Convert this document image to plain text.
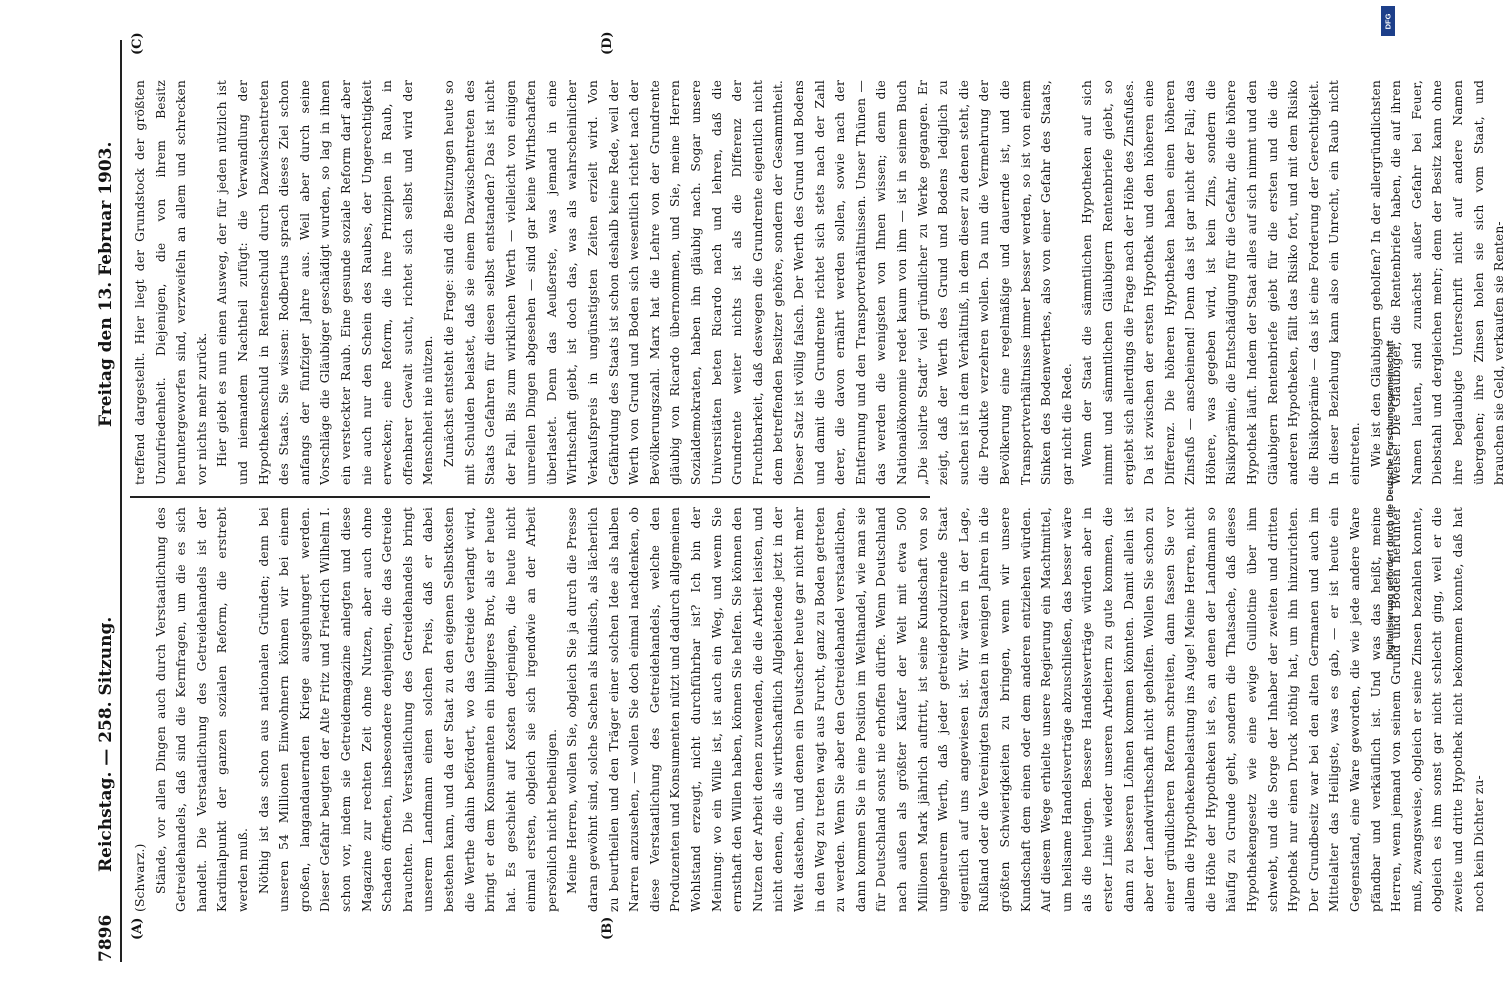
7896
Reichstag. — 258. Sitzung.
Freitag den 13. Februar 1903.
(A)	(B)
(C)	(D)

(Schwarz.) Stände, vor allen Dingen auch durch Verstaatlichung des Getreidehandels, daß sind die Kernfragen, um die es sich handelt. Die Verstaatlichung des Getreidehandels ist der Kardinalpunkt der ganzen sozialen Reform, die erstrebt werden muß. Nöthig ist das schon aus nationalen Gründen; denn bei unseren 54 Millionen Einwohnern können wir bei einem großen, langandauernden Kriege ausgehungert werden. Dieser Gefahr beugten der Alte Fritz und Friedrich Wilhelm I. schon vor, indem sie Getreidemagazine anlegten und diese Magazine zur rechten Zeit ohne Nutzen, aber auch ohne Schaden öffneten, insbesondere denjenigen, die das Getreide brauchten. Die Verstaatlichung des Getreidehandels bringt unserem Landmann einen solchen Preis, daß er dabei bestehen kann, und da der Staat zu den eigenen Selbstkosten die Werthe dahin befördert, wo das Getreide verlangt wird, bringt er dem Konsumenten ein billigeres Brot, als er heute hat. Es geschieht auf Kosten derjenigen, die heute nicht einmal ersten, obgleich sie sich irgendwie an der Arbeit persönlich nicht betheiligen. Meine Herren, wollen Sie, obgleich Sie ja durch die Presse daran gewöhnt sind, solche Sachen als kindisch, als lächerlich zu beurtheilen und den Träger einer solchen Idee als halben Narren anzusehen, — wollen Sie doch einmal nachdenken, ob diese Verstaatlichung des Getreidehandels, welche den Produzenten und Konsumenten nützt und dadurch allgemeinen Wohlstand erzeugt, nicht durchführbar ist? Ich bin der Meinung: wo ein Wille ist, ist auch ein Weg, und wenn Sie ernsthaft den Willen haben, können Sie helfen. Sie können den Nutzen der Arbeit denen zuwenden, die die Arbeit leisten, und nicht denen, die als wirthschaftlich Allgebietende jetzt in der Welt dastehen, und denen ein Deutscher heute gar nicht mehr in den Weg zu treten wagt aus Furcht, ganz zu Boden getreten zu werden. Wenn Sie aber den Getreidehandel verstaatlichen, dann kommen Sie in eine Position im Welthandel, wie man sie für Deutschland sonst nie erhoffen dürfte. Wenn Deutschland nach außen als größter Käufer der Welt mit etwa 500 Millionen Mark jährlich auftritt, ist seine Kundschaft von so ungeheurem Werth, daß jeder getreideproduzirende Staat eigentlich auf uns angewiesen ist. Wir wären in der Lage, Rußland oder die Vereinigten Staaten in wenigen Jahren in die größten Schwierigkeiten zu bringen, wenn wir unsere Kundschaft dem einen oder dem anderen entziehen würden. Auf diesem Wege erhielte unsere Regierung ein Machtmittel, um heilsame Handelsverträge abzuschließen, das besser wäre als die heutigen. Bessere Handelsverträge würden aber in erster Linie wieder unseren Arbeitern zu gute kommen, die dann zu besseren Löhnen kommen könnten. Damit allein ist aber der Landwirthschaft nicht geholfen. Wollen Sie schon zu einer gründlicheren Reform schreiten, dann fassen Sie vor allem die Hypothekenbelastung ins Auge! Meine Herren, nicht die Höhe der Hypotheken ist es, an denen der Landmann so häufig zu Grunde geht, sondern die Thatsache, daß dieses Hypothekengesetz wie eine ewige Guillotine über ihm schwebt, und die Sorge der Inhaber der zweiten und dritten Hypothek nur einen Druck nöthig hat, um ihn hinzurichten. Der Grundbesitz war bei den alten Germanen und auch im Mittelalter das Heiligste, was es gab, — er ist heute ein Gegenstand, eine Ware geworden, die wie jede andere Ware pfändbar und verkäuflich ist. Und was das heißt, meine Herren, wenn jemand von seinem Grund und Boden herunter muß, zwangsweise, obgleich er seine Zinsen bezahlen konnte, obgleich es ihm sonst gar nicht schlecht ging, weil er die zweite und dritte Hypothek nicht bekommen konnte, daß hat noch kein Dichter zu-

treffend dargestellt. Hier liegt der Grundstock der größten Unzufriedenheit. Diejenigen, die von ihrem Besitz heruntergeworfen sind, verzweifeln an allem und schrecken vor nichts mehr zurück. Hier giebt es nun einen Ausweg, der für jeden nützlich ist und niemandem Nachtheil zufügt: die Verwandlung der Hypothekenschuld in Rentenschuld durch Dazwischentreten des Staats. Sie wissen: Rodbertus sprach dieses Ziel schon anfangs der fünfziger Jahre aus. Weil aber durch seine Vorschläge die Gläubiger geschädigt wurden, so lag in ihnen ein versteckter Raub. Eine gesunde soziale Reform darf aber nie auch nur den Schein des Raubes, der Ungerechtigkeit erwecken; eine Reform, die ihre Prinzipien in Raub, in offenbarer Gewalt sucht, richtet sich selbst und wird der Menschheit nie nützen. Zunächst entsteht die Frage: sind die Besitzungen heute so mit Schulden belastet, daß sie einem Dazwischentreten des Staats Gefahren für diesen selbst entstanden? Das ist nicht der Fall. Bis zum wirklichen Werth — vielleicht von einigen unreellen Dingen abgesehen — sind gar keine Wirthschaften überlastet. Denn das Aeußerste, was jemand in eine Wirthschaft giebt, ist doch das, was als wahrscheinlicher Verkaufspreis in ungünstigsten Zeiten erzielt wird. Von Gefährdung des Staats ist schon deshalb keine Rede, weil der Werth von Grund und Boden sich wesentlich richtet nach der Bevölkerungszahl. Marx hat die Lehre von der Grundrente gläubig von Ricardo übernommen, und Sie, meine Herren Sozialdemokraten, haben ihn gläubig nach. Sogar unsere Universitäten beten Ricardo nach und lehren, daß die Grundrente weiter nichts ist als die Differenz der Fruchtbarkeit, daß deswegen die Grundrente eigentlich nicht dem betreffenden Besitzer gehöre, sondern der Gesammtheit. Dieser Satz ist völlig falsch. Der Werth des Grund und Bodens und damit die Grundrente richtet sich stets nach der Zahl derer, die davon ernährt werden sollen, sowie nach der Entfernung und den Transportverhältnissen. Unser Thünen — das werden die wenigsten von Ihnen wissen; denn die Nationalökonomie redet kaum von ihm — ist in seinem Buch „Die isolirte Stadt“ viel gründlicher zu Werke gegangen. Er zeigt, daß der Werth des Grund und Bodens lediglich zu suchen ist in dem Verhältniß, in dem dieser zu denen steht, die die Produkte verzehren wollen. Da nun die Vermehrung der Bevölkerung eine regelmäßige und dauernde ist, und die Transportverhältnisse immer besser werden, so ist von einem Sinken des Bodenwerthes, also von einer Gefahr des Staats, gar nicht die Rede. Wenn der Staat die sämmtlichen Hypotheken auf sich nimmt und sämmtlichen Gläubigern Rentenbriefe giebt, so ergiebt sich allerdings die Frage nach der Höhe des Zinsfußes. Da ist zwischen der ersten Hypothek und den höheren eine Differenz. Die höheren Hypotheken haben einen höheren Zinsfuß — anscheinend! Denn das ist gar nicht der Fall; das Höhere, was gegeben wird, ist kein Zins, sondern die Risikoprämie, die Entschädigung für die Gefahr, die die höhere Hypothek läuft. Indem der Staat alles auf sich nimmt und den Gläubigern Rentenbriefe giebt für die ersten und die die anderen Hypotheken, fällt das Risiko fort, und mit dem Risiko die Risikoprämie — das ist eine Forderung der Gerechtigkeit. In dieser Beziehung kann also ein Unrecht, ein Raub nicht eintreten. Wie ist den Gläubigern geholfen? In der allergründlichsten Weise! Die Gläubiger, die Rentenbriefe haben, die auf ihren Namen lauten, sind zunächst außer Gefahr bei Feuer, Diebstahl und dergleichen mehr; denn der Besitz kann ohne ihre beglaubigte Unterschrift nicht auf andere Namen übergehen; ihre Zinsen holen sie sich vom Staat, und brauchen sie Geld, verkaufen sie Renten-

Digitalisierung gefördert durch die Deutsche Forschungsgemeinschaft
DFG
